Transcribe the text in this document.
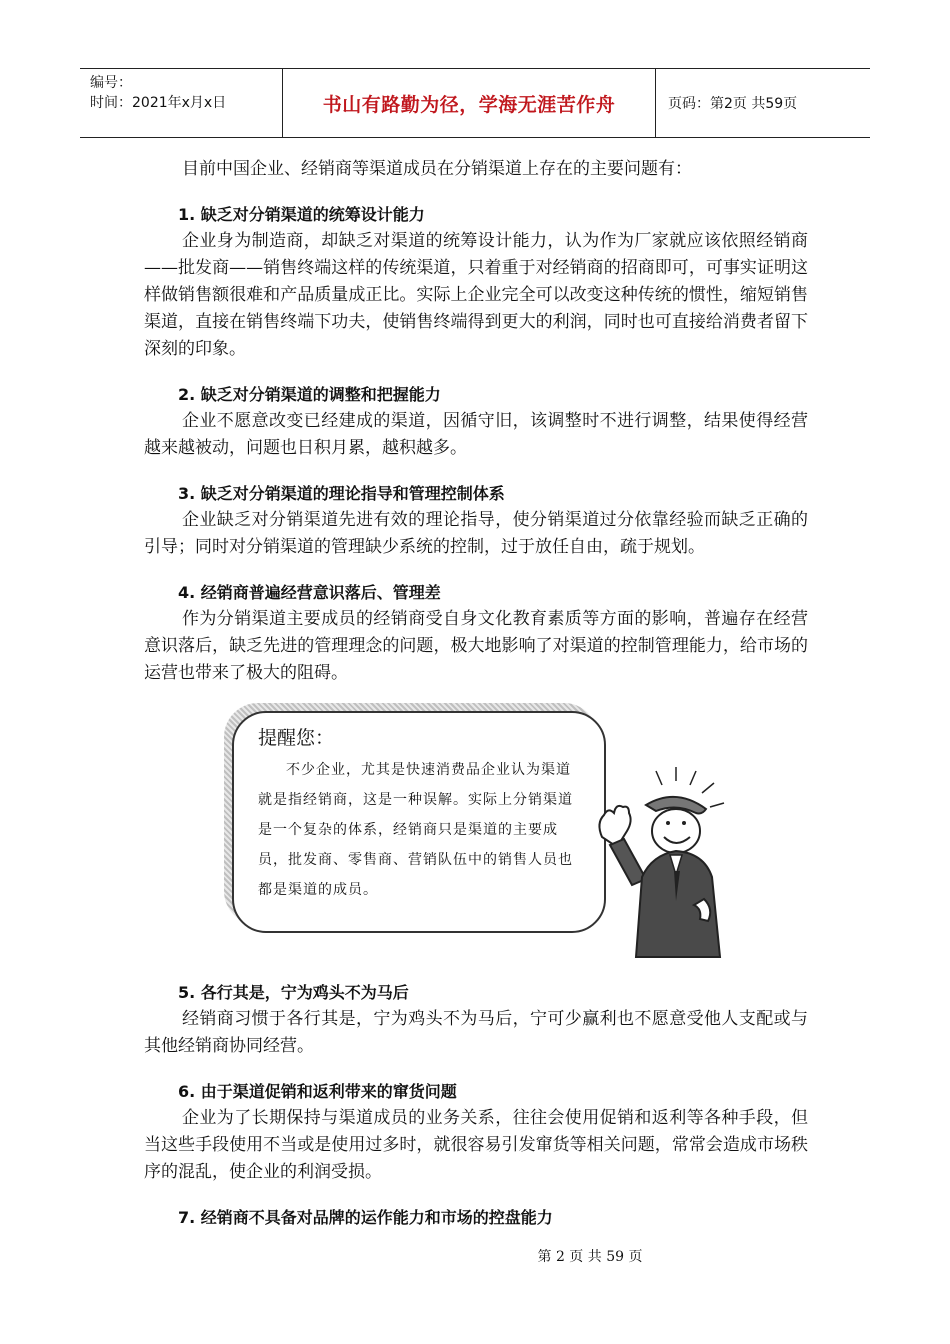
编号：
时间：2021年x月x日	书山有路勤为径，学海无涯苦作舟	页码：第2页 共59页

目前中国企业、经销商等渠道成员在分销渠道上存在的主要问题有：

1. 缺乏对分销渠道的统筹设计能力

企业身为制造商，却缺乏对渠道的统筹设计能力，认为作为厂家就应该依照经销商——批发商——销售终端这样的传统渠道，只着重于对经销商的招商即可，可事实证明这样做销售额很难和产品质量成正比。实际上企业完全可以改变这种传统的惯性，缩短销售渠道，直接在销售终端下功夫，使销售终端得到更大的利润，同时也可直接给消费者留下深刻的印象。

2. 缺乏对分销渠道的调整和把握能力

企业不愿意改变已经建成的渠道，因循守旧，该调整时不进行调整，结果使得经营越来越被动，问题也日积月累，越积越多。

3. 缺乏对分销渠道的理论指导和管理控制体系

企业缺乏对分销渠道先进有效的理论指导，使分销渠道过分依靠经验而缺乏正确的引导；同时对分销渠道的管理缺少系统的控制，过于放任自由，疏于规划。

4. 经销商普遍经营意识落后、管理差

作为分销渠道主要成员的经销商受自身文化教育素质等方面的影响，普遍存在经营意识落后，缺乏先进的管理理念的问题，极大地影响了对渠道的控制管理能力，给市场的运营也带来了极大的阻碍。

提醒您：
不少企业，尤其是快速消费品企业认为渠道就是指经销商，这是一种误解。实际上分销渠道是一个复杂的体系，经销商只是渠道的主要成员，批发商、零售商、营销队伍中的销售人员也都是渠道的成员。

5. 各行其是，宁为鸡头不为马后

经销商习惯于各行其是，宁为鸡头不为马后，宁可少赢利也不愿意受他人支配或与其他经销商协同经营。

6. 由于渠道促销和返利带来的窜货问题

企业为了长期保持与渠道成员的业务关系，往往会使用促销和返利等各种手段，但当这些手段使用不当或是使用过多时，就很容易引发窜货等相关问题，常常会造成市场秩序的混乱，使企业的利润受损。

7. 经销商不具备对品牌的运作能力和市场的控盘能力

第 2 页 共 59 页
